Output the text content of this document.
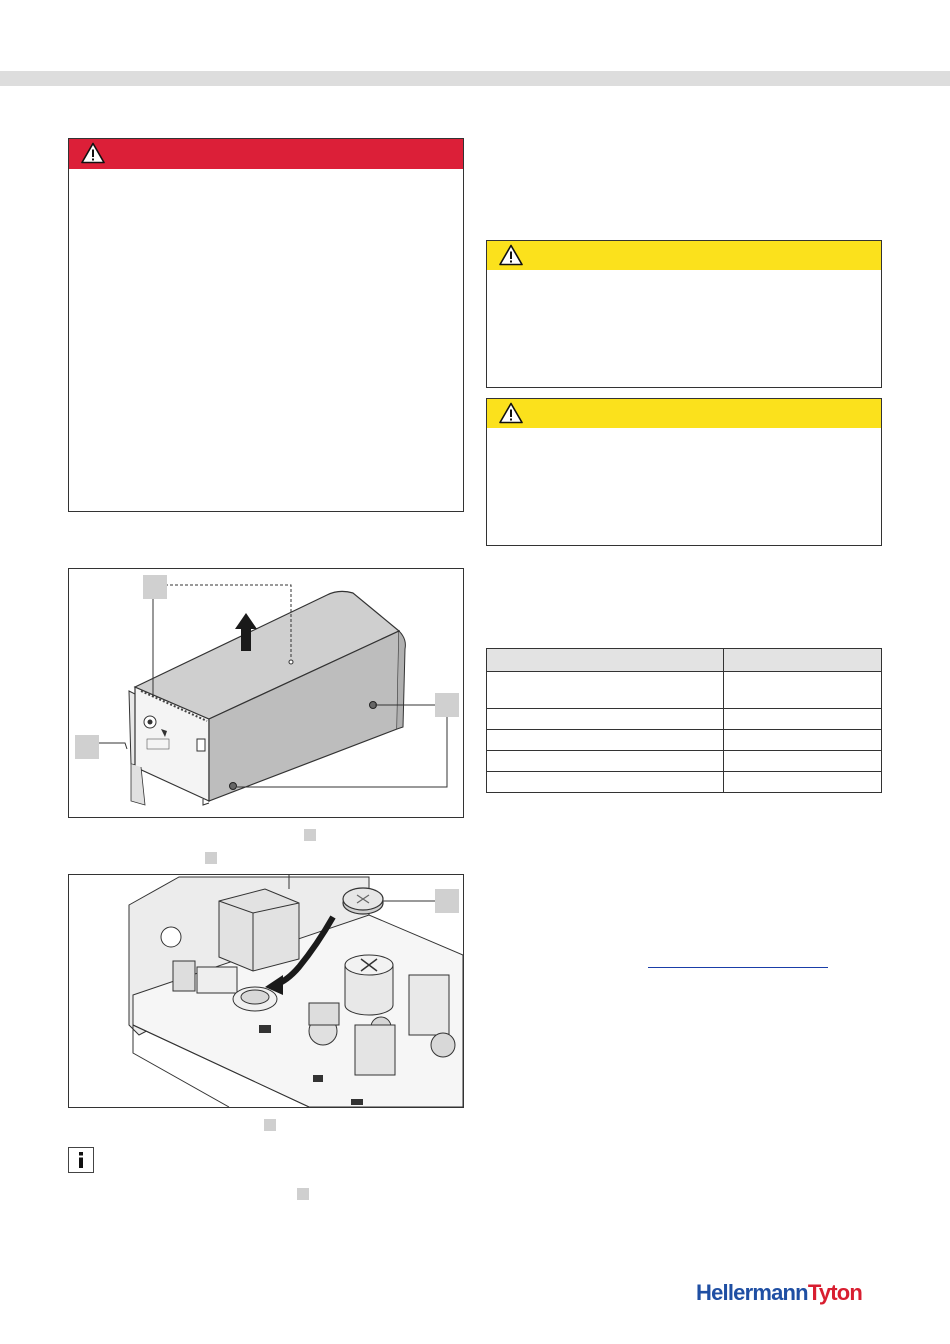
HellermannTyton
